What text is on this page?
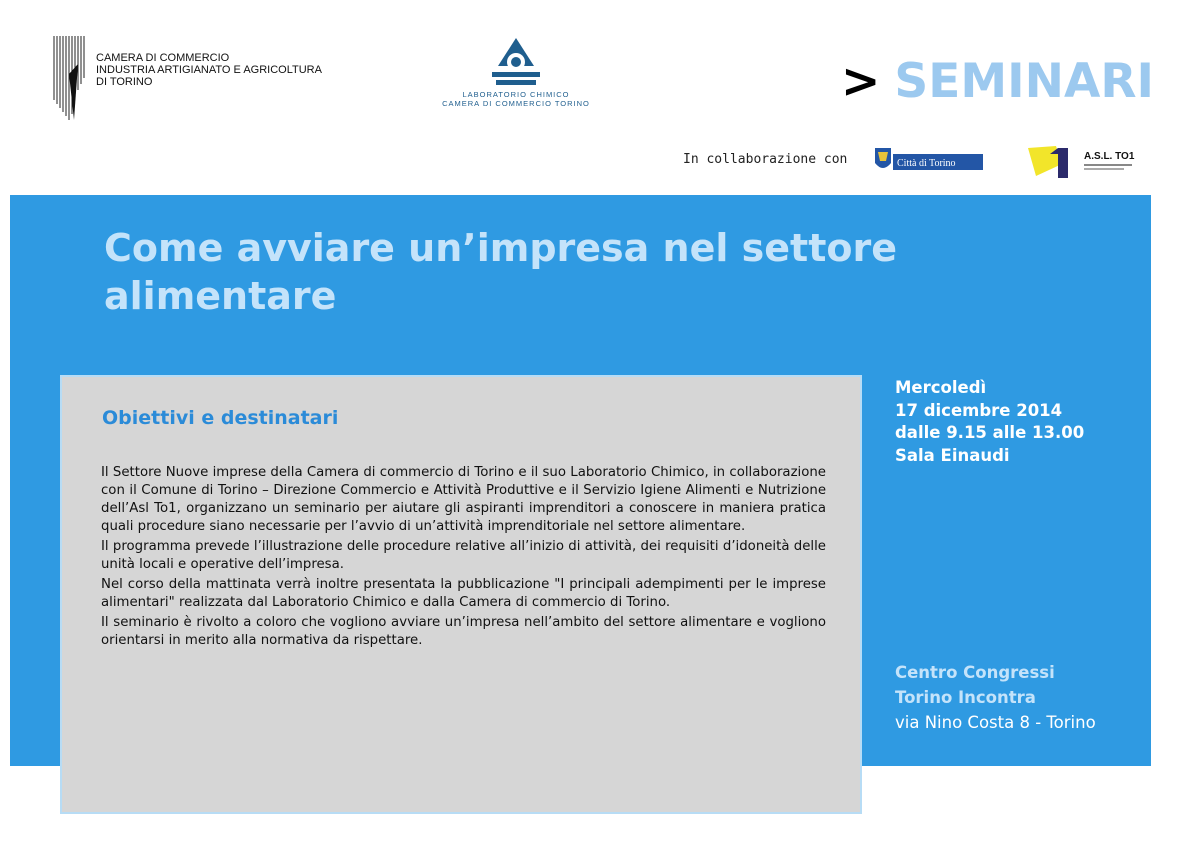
CAMERA DI COMMERCIO
INDUSTRIA ARTIGIANATO E AGRICOLTURA
DI TORINO
LABORATORIO CHIMICO
CAMERA DI COMMERCIO TORINO	> SEMINARI
In collaborazione con	Città di Torino
A.S.L. TO1
Come avviare un’impresa nel settore alimentare
Obiettivi e destinatari

Il Settore Nuove imprese della Camera di commercio di Torino e il suo Laboratorio Chimico, in collaborazione con il Comune di Torino – Direzione Commercio e Attività Produttive e il Servizio Igiene Alimenti e Nutrizione dell’Asl To1, organizzano un seminario per aiutare gli aspiranti imprenditori a conoscere in maniera pratica quali procedure siano necessarie per l’avvio di un’attività imprenditoriale nel settore alimentare.

Il programma prevede l’illustrazione delle procedure relative all’inizio di attività, dei requisiti d’idoneità delle unità locali e operative dell’impresa.

Nel corso della mattinata verrà inoltre presentata la pubblicazione "I principali adempimenti per le imprese alimentari" realizzata dal Laboratorio Chimico e dalla Camera di commercio di Torino.

Il seminario è rivolto a coloro che vogliono avviare un’impresa nell’ambito del settore alimentare e vogliono orientarsi in merito alla normativa da rispettare.

Mercoledì
17 dicembre 2014
dalle 9.15 alle 13.00
Sala Einaudi
Centro Congressi
Torino Incontra
via Nino Costa 8 - Torino
